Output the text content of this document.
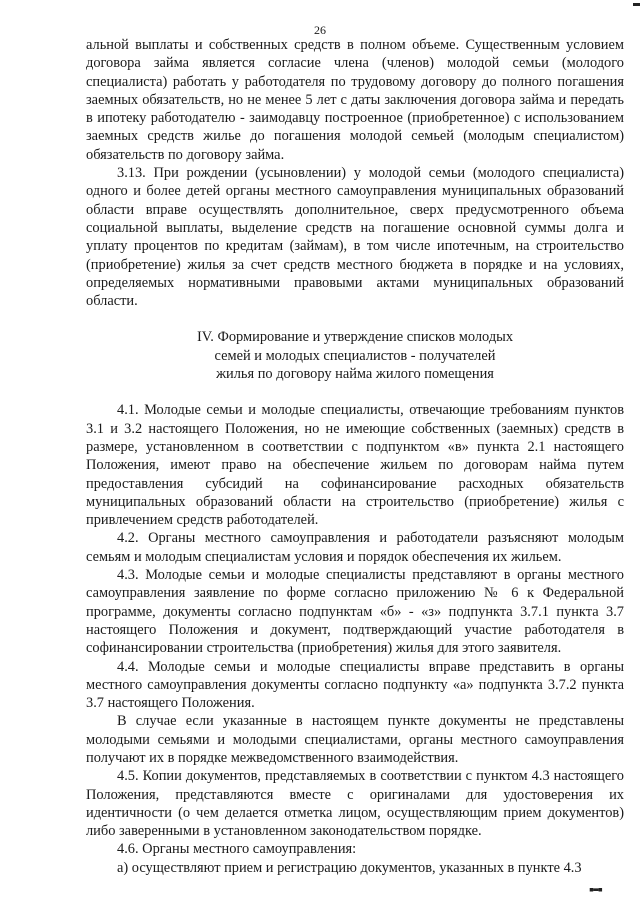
26

альной выплаты и собственных средств в полном объеме. Существенным условием договора займа является согласие члена (членов) молодой семьи (молодого специалиста) работать у работодателя по трудовому договору до полного погашения заемных обязательств, но не менее 5 лет с даты заключения договора займа и передать в ипотеку работодателю - заимодавцу построенное (приобретенное) с использованием заемных средств жилье до погашения молодой семьей (молодым специалистом) обязательств по договору займа.

3.13. При рождении (усыновлении) у молодой семьи (молодого специалиста) одного и более детей органы местного самоуправления муниципальных образований области вправе осуществлять дополнительное, сверх предусмотренного объема социальной выплаты, выделение средств на погашение основной суммы долга и уплату процентов по кредитам (займам), в том числе ипотечным, на строительство (приобретение) жилья за счет средств местного бюджета в порядке и на условиях, определяемых нормативными правовыми актами муниципальных образований области.

IV. Формирование и утверждение списков молодых
семей и молодых специалистов - получателей
жилья по договору найма жилого помещения

4.1. Молодые семьи и молодые специалисты, отвечающие требованиям пунктов 3.1 и 3.2 настоящего Положения, но не имеющие собственных (заемных) средств в размере, установленном в соответствии с подпунктом «в» пункта 2.1 настоящего Положения, имеют право на обеспечение жильем по договорам найма путем предоставления субсидий на софинансирование расходных обязательств муниципальных образований области на строительство (приобретение) жилья с привлечением средств работодателей.

4.2. Органы местного самоуправления и работодатели разъясняют молодым семьям и молодым специалистам условия и порядок обеспечения их жильем.

4.3. Молодые семьи и молодые специалисты представляют в органы местного самоуправления заявление по форме согласно приложению № 6 к Федеральной программе, документы согласно подпунктам «б» - «з» подпункта 3.7.1 пункта 3.7 настоящего Положения и документ, подтверждающий участие работодателя в софинансировании строительства (приобретения) жилья для этого заявителя.

4.4. Молодые семьи и молодые специалисты вправе представить в органы местного самоуправления документы согласно подпункту «а» подпункта 3.7.2 пункта 3.7 настоящего Положения.

В случае если указанные в настоящем пункте документы не представлены молодыми семьями и молодыми специалистами, органы местного самоуправления получают их в порядке межведомственного взаимодействия.

4.5. Копии документов, представляемых в соответствии с пунктом 4.3 настоящего Положения, представляются вместе с оригиналами для удостоверения их идентичности (о чем делается отметка лицом, осуществляющим прием документов) либо заверенными в установленном законодательством порядке.

4.6. Органы местного самоуправления:

а) осуществляют прием и регистрацию документов, указанных в пункте 4.3

▪▬▪
